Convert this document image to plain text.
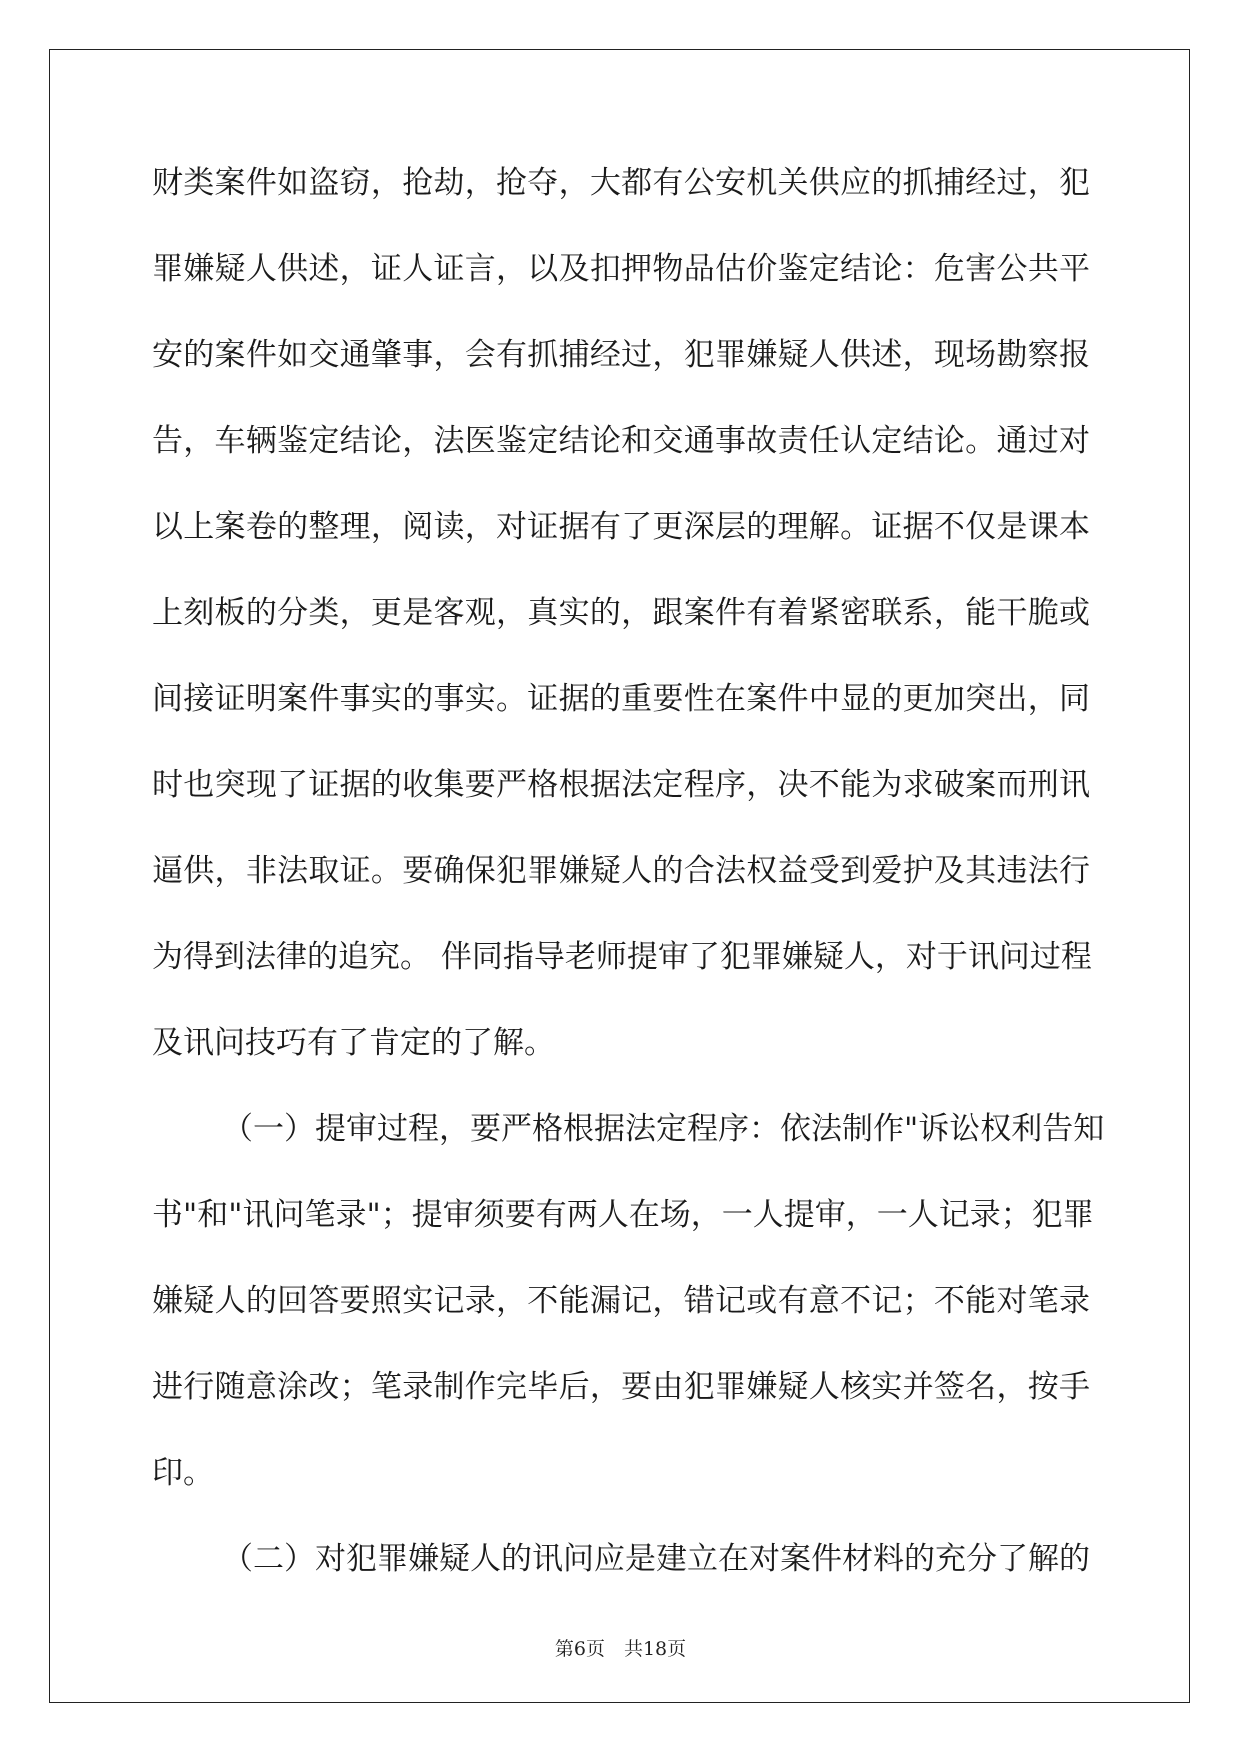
财类案件如盗窃，抢劫，抢夺，大都有公安机关供应的抓捕经过，犯
罪嫌疑人供述，证人证言，以及扣押物品估价鉴定结论：危害公共平
安的案件如交通肇事，会有抓捕经过，犯罪嫌疑人供述，现场勘察报
告，车辆鉴定结论，法医鉴定结论和交通事故责任认定结论。通过对
以上案卷的整理，阅读，对证据有了更深层的理解。证据不仅是课本
上刻板的分类，更是客观，真实的，跟案件有着紧密联系，能干脆或
间接证明案件事实的事实。证据的重要性在案件中显的更加突出，同
时也突现了证据的收集要严格根据法定程序，决不能为求破案而刑讯
逼供，非法取证。要确保犯罪嫌疑人的合法权益受到爱护及其违法行
为得到法律的追究。 伴同指导老师提审了犯罪嫌疑人，对于讯问过程
及讯问技巧有了肯定的了解。
（一）提审过程，要严格根据法定程序：依法制作"诉讼权利告知
书"和"讯问笔录"；提审须要有两人在场，一人提审，一人记录；犯罪
嫌疑人的回答要照实记录，不能漏记，错记或有意不记；不能对笔录
进行随意涂改；笔录制作完毕后，要由犯罪嫌疑人核实并签名，按手
印。
（二）对犯罪嫌疑人的讯问应是建立在对案件材料的充分了解的
第6页　共18页
